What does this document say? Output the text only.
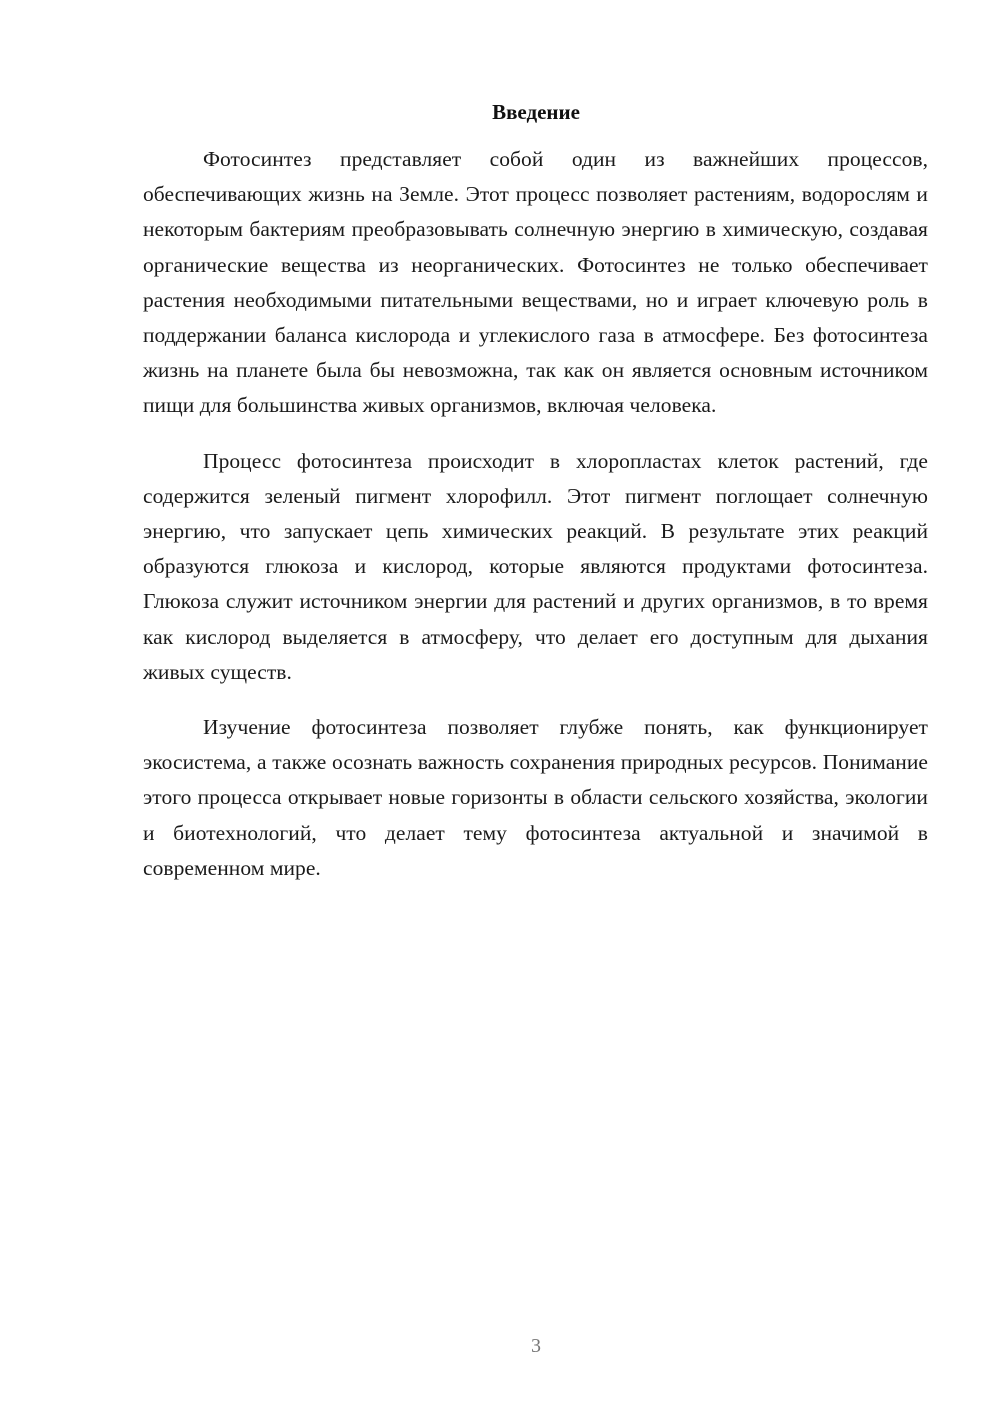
Введение

Фотосинтез представляет собой один из важнейших процессов, обеспечивающих жизнь на Земле. Этот процесс позволяет растениям, водорослям и некоторым бактериям преобразовывать солнечную энергию в химическую, создавая органические вещества из неорганических. Фотосинтез не только обеспечивает растения необходимыми питательными веществами, но и играет ключевую роль в поддержании баланса кислорода и углекислого газа в атмосфере. Без фотосинтеза жизнь на планете была бы невозможна, так как он является основным источником пищи для большинства живых организмов, включая человека.

Процесс фотосинтеза происходит в хлоропластах клеток растений, где содержится зеленый пигмент хлорофилл. Этот пигмент поглощает солнечную энергию, что запускает цепь химических реакций. В результате этих реакций образуются глюкоза и кислород, которые являются продуктами фотосинтеза. Глюкоза служит источником энергии для растений и других организмов, в то время как кислород выделяется в атмосферу, что делает его доступным для дыхания живых существ.

Изучение фотосинтеза позволяет глубже понять, как функционирует экосистема, а также осознать важность сохранения природных ресурсов. Понимание этого процесса открывает новые горизонты в области сельского хозяйства, экологии и биотехнологий, что делает тему фотосинтеза актуальной и значимой в современном мире.

3
